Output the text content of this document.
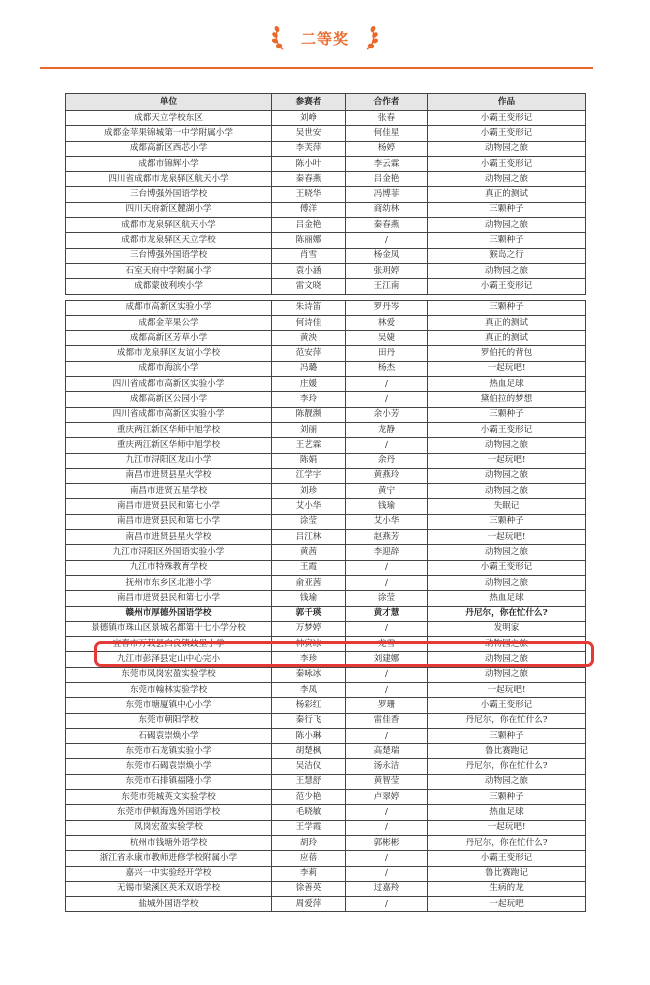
二等奖
单位	参赛者	合作者	作品
成都天立学校东区	刘峥	张春	小霸王变形记
成都金苹果锦城第一中学附属小学	吴世安	何佳星	小霸王变形记
成都高新区西芯小学	李芙萍	杨婷	动物园之旅
成都市锦辉小学	陈小叶	李云霖	小霸王变形记
四川省成都市龙泉驿区航天小学	秦春燕	吕金艳	动物园之旅
三台博强外国语学校	王晓华	冯博菲	真正的测试
四川天府新区麓湖小学	傅洋	商幼林	三颗种子
成都市龙泉驿区航天小学	吕金艳	秦春燕	动物园之旅
成都市龙泉驿区天立学校	陈丽娜	/	三颗种子
三台博强外国语学校	肖雪	杨金凤	猴岛之行
石室天府中学附属小学	袁小涵	张玥婷	动物园之旅
成都蒙彼利埃小学	雷文晓	王江南	小霸王变形记

成都市高新区实验小学	朱诗笛	罗丹岑	三颗种子
成都金苹果公学	何诗佳	林爱	真正的测试
成都高新区芳草小学	黄泱	吴婕	真正的测试
成都市龙泉驿区友谊小学校	范安萍	田丹	罗伯托的背包
成都市海滨小学	冯璐	杨杰	一起玩吧!
四川省成都市高新区实验小学	庄媛	/	热血足球
成都高新区公园小学	李玲	/	黛伯拉的梦想
四川省成都市高新区实验小学	陈靓濒	余小芳	三颗种子
重庆两江新区华师中旭学校	刘丽	龙静	小霸王变形记
重庆两江新区华师中旭学校	王艺霖	/	动物园之旅
九江市浔阳区龙山小学	陈娟	余丹	一起玩吧!
南昌市进贤县星火学校	江学宇	黄燕玲	动物园之旅
南昌市进贤五星学校	刘珍	黄宁	动物园之旅
南昌市进贤县民和第七小学	艾小华	钱瑜	失眠记
南昌市进贤县民和第七小学	涂莹	艾小华	三颗种子
南昌市进贤县星火学校	吕江林	赵燕芳	一起玩吧!
九江市浔阳区外国语实验小学	黄茜	李迎辞	动物园之旅
九江市特殊教育学校	王霞	/	小霸王变形记
抚州市东乡区北港小学	俞亚茜	/	动物园之旅
南昌市进贤县民和第七小学	钱瑜	涂莹	热血足球
赣州市厚德外国语学校	郭千瑛	黄才慧	丹尼尔，你在忙什么?
景德镇市珠山区景城名都第十七小学分校	万梦婷	/	发明家
宜春市万载县白良镇歧里小学	林寅冰	龙雪	动物园之旅
九江市彭泽县定山中心完小	李珍	刘建娜	动物园之旅
东莞市凤岗宏盈实验学校	秦咏冰	/	动物园之旅
东莞市翰林实验学校	李凤	/	一起玩吧!
东莞市塘厦镇中心小学	杨彩红	罗珊	小霸王变形记
东莞市朝阳学校	秦行飞	雷佳香	丹尼尔，你在忙什么?
石碣袁崇焕小学	陈小琳	/	三颗种子
东莞市石龙镇实验小学	胡楚枫	高楚瑞	鲁比赛跑记
东莞市石碣袁崇焕小学	吴洁仪	汤永洁	丹尼尔，你在忙什么?
东莞市石排镇福隆小学	王慧舒	黄智莹	动物园之旅
东莞市莞城英文实验学校	范少艳	卢翠婷	三颗种子
东莞市伊顿海逸外国语学校	毛晓敏	/	热血足球
凤岗宏盈实验学校	王学霞	/	一起玩吧!
杭州市钱塘外语学校	胡玲	郭彬彬	丹尼尔，你在忙什么?
浙江省永康市教师进修学校附属小学	应蓓	/	小霸王变形记
嘉兴一中实验经开学校	李莉	/	鲁比赛跑记
无锡市梁溪区英禾双语学校	徐善英	过嘉羚	生病的龙
盐城外国语学校	周爱萍	/	一起玩吧
